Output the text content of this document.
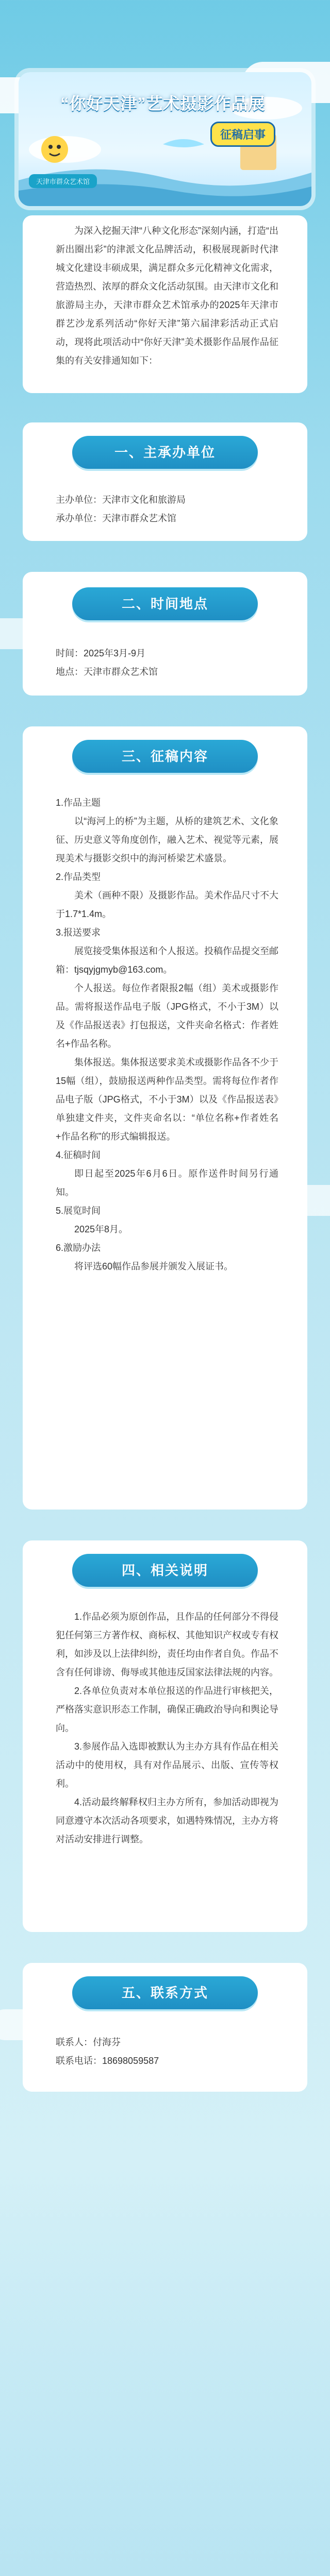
“你好天津”艺术摄影作品展
征稿启事
天津市群众艺术馆

为深入挖掘天津“八种文化形态”深刻内涵，打造“出新出圈出彩”的津派文化品牌活动，积极展现新时代津城文化建设丰硕成果，满足群众多元化精神文化需求，营造热烈、浓厚的群众文化活动氛围。由天津市文化和旅游局主办，天津市群众艺术馆承办的2025年天津市群艺沙龙系列活动“你好天津”第六届津彩活动正式启动，现将此项活动中“你好天津”美术摄影作品展作品征集的有关安排通知如下：

一、主承办单位

主办单位：天津市文化和旅游局

承办单位：天津市群众艺术馆

二、时间地点

时间：2025年3月-9月

地点：天津市群众艺术馆

三、征稿内容

1.作品主题

以“海河上的桥”为主题，从桥的建筑艺术、文化象征、历史意义等角度创作，融入艺术、视觉等元素，展现美术与摄影交织中的海河桥梁艺术盛景。

2.作品类型

美术（画种不限）及摄影作品。美术作品尺寸不大于1.7*1.4m。

3.报送要求

展览接受集体报送和个人报送。投稿作品提交至邮箱：tjsqyjgmyb@163.com。

个人报送。每位作者限报2幅（组）美术或摄影作品。需将报送作品电子版（JPG格式，不小于3M）以及《作品报送表》打包报送，文件夹命名格式：作者姓名+作品名称。

集体报送。集体报送要求美术或摄影作品各不少于15幅（组），鼓励报送两种作品类型。需将每位作者作品电子版（JPG格式，不小于3M）以及《作品报送表》单独建文件夹，文件夹命名以：“单位名称+作者姓名+作品名称”的形式编辑报送。

4.征稿时间

即日起至2025年6月6日。原作送件时间另行通知。

5.展览时间

2025年8月。

6.激励办法

将评选60幅作品参展并颁发入展证书。

四、相关说明

1.作品必须为原创作品，且作品的任何部分不得侵犯任何第三方著作权、商标权、其他知识产权或专有权利，如涉及以上法律纠纷，责任均由作者自负。作品不含有任何诽谤、侮辱或其他违反国家法律法规的内容。

2.各单位负责对本单位报送的作品进行审核把关，严格落实意识形态工作制，确保正确政治导向和舆论导向。

3.参展作品入选即被默认为主办方具有作品在相关活动中的使用权，具有对作品展示、出版、宣传等权利。

4.活动最终解释权归主办方所有，参加活动即视为同意遵守本次活动各项要求，如遇特殊情况，主办方将对活动安排进行调整。

五、联系方式

联系人：付海芬

联系电话：18698059587
